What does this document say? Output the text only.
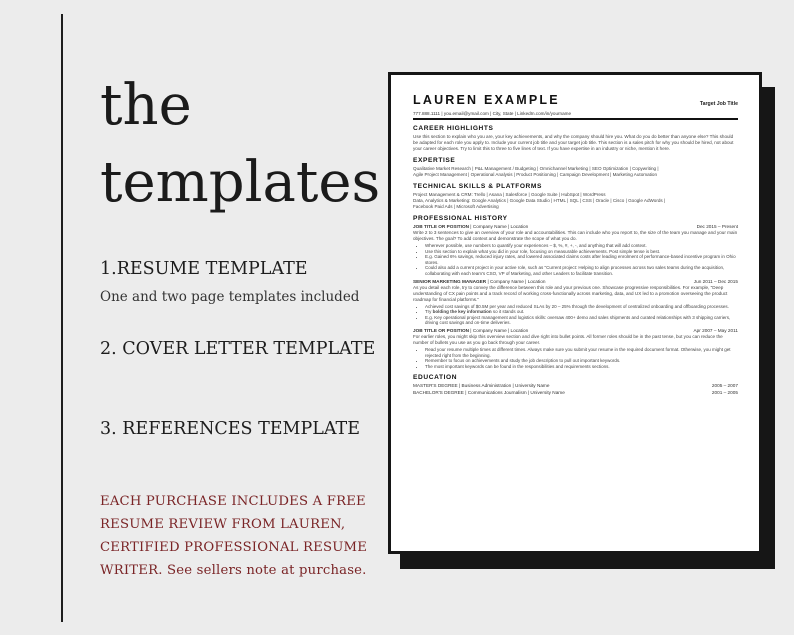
the
templates
1.RESUME TEMPLATE
One and two page templates included
2. COVER LETTER TEMPLATE
3. REFERENCES TEMPLATE
EACH PURCHASE INCLUDES A FREE
RESUME REVIEW FROM LAUREN,
CERTIFIED PROFESSIONAL RESUME
WRITER. See sellers note at purchase.
LAUREN EXAMPLE	Target Job Title
777.888.1111 | you.email@ymail.com | City, State | LinkedIn.com/in/yourname
CAREER HIGHLIGHTS
Use this section to explain who you are, your key achievements, and why the company should hire you. What do you do better than anyone else? This should be adapted for each role you apply to. Include your current job title and your target job title. This section is a sales pitch for why you should be hired, not about your career objectives. Try to limit this to three to five lines of text. If you have expertise in an industry or niche, mention it here.
EXPERTISE
Qualitative Market Research | P&L Management / Budgeting | Omnichannel Marketing | SEO Optimization | Copywriting |
Agile Project Management | Operational Analysis | Product Positioning | Campaign Development | Marketing Automation
TECHNICAL SKILLS & PLATFORMS
Project Management & CRM: Trello | Asana | Salesforce | Google Suite | HubSpot | WordPress
Data, Analytics & Marketing: Google Analytics | Google Data Studio | HTML | SQL | CSS | Oracle | Cisco | Google AdWords |
Facebook Paid Ads | Microsoft Advertising
PROFESSIONAL HISTORY
JOB TITLE OR POSITION | Company Name | Location	Dec 2015 – Present
Write 2 to 3 sentences to give an overview of your role and accountabilities. This can include who you report to, the size of the team you manage and your main objectives. The goal? To add context and demonstrate the scope of what you do.
• Wherever possible, use numbers to quantify your experiences – $, %, #, +, -, and anything that will add context.
• Use this section to explain what you did in your role, focusing on measurable achievements. Post simple tense is best.
• E.g. Gained 6% savings, reduced injury rates, and lowered associated claims costs after leading enrolment of performance-based incentive program in Ohio stores.
• Could also add a current project in your active role, such as "Current project: Helping to align processes across two sales teams during the acquisition, collaborating with each team's CSO, VP of Marketing, and other Leaders to facilitate transition.
SENIOR MARKETING MANAGER | Company Name | Location	Jun 2011 – Dec 2015
As you detail each role, try to convey the difference between this role and your previous one. Showcase progressive responsibilities. For example, "Deep understanding of CX pain points and a track record of working cross-functionally across marketing, data, and UX led to a promotion overseeing the product roadmap for financial platforms."
• Achieved cost savings of $0.5M per year and reduced SLAs by 20 – 25% through the development of centralized onboarding and offboarding processes.
• Try bolding the key information so it stands out.
• E.g. Key operational project management and logistics skills: oversaw 400+ demo and sales shipments and curated relationships with 3 shipping carriers, driving cost savings and on-time deliveries.
JOB TITLE OR POSITION | Company Name | Location	Apr 2007 – May 2011
For earlier roles, you might skip this overview section and dive right into bullet points. All former roles should be in the past tense, but you can reduce the number of bullets you use as you go back through your career.
• Read your resume multiple times at different times. Always make sure you submit your resume in the required document format. Otherwise, you might get rejected right from the beginning.
• Remember to focus on achievements and study the job description to pull out important keywords.
• The most important keywords can be found in the responsibilities and requirements sections.
EDUCATION
MASTER'S DEGREE | Business Administration | University Name	2005 – 2007
BACHELOR'S DEGREE | Communications Journalism | University Name	2001 – 2005
